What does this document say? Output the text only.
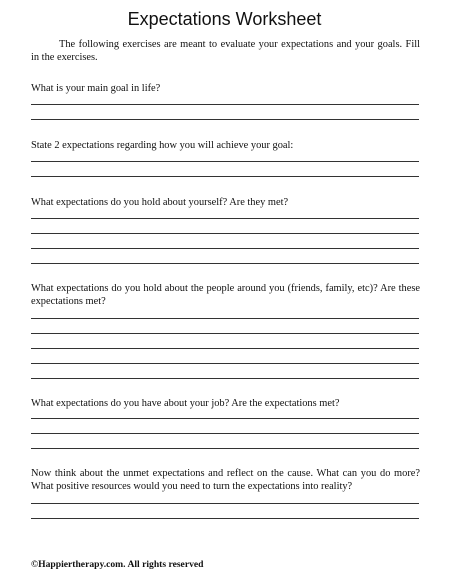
Expectations Worksheet
The following exercises are meant to evaluate your expectations and your goals. Fill in the exercises.
What is your main goal in life?
State 2 expectations regarding how you will achieve your goal:
What expectations do you hold about yourself? Are they met?
What expectations do you hold about the people around you (friends, family, etc)? Are these expectations met?
What expectations do you have about your job? Are the expectations met?
Now think about the unmet expectations and reflect on the cause. What can you do more? What positive resources would you need to turn the expectations into reality?
©Happiertherapy.com. All rights reserved
